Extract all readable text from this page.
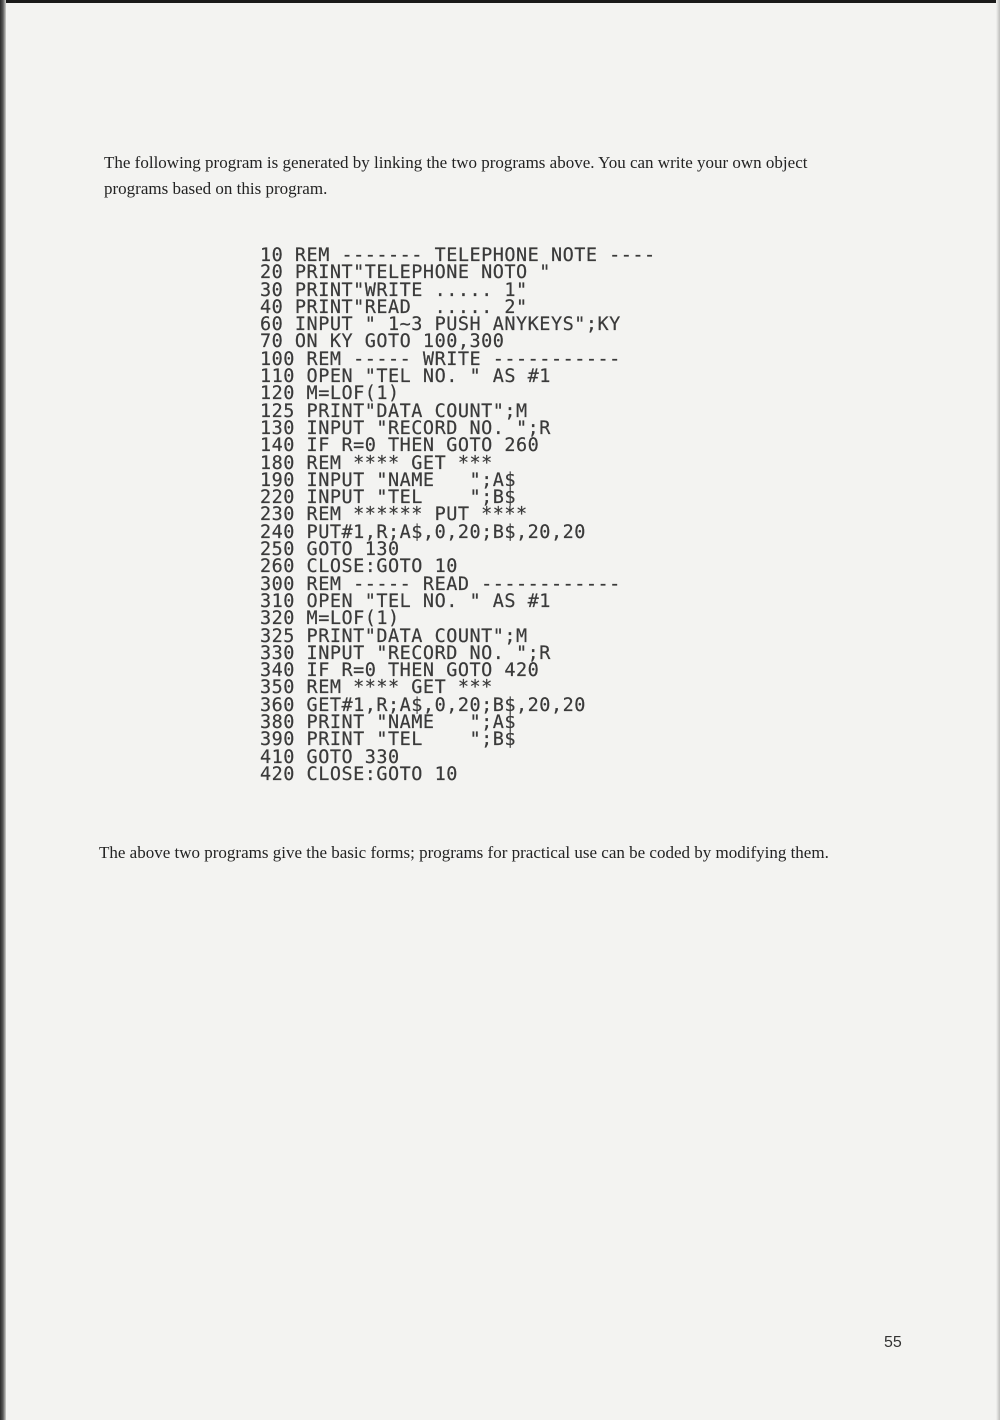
The following program is generated by linking the two programs above. You can write your own object programs based on this program.

10 REM ------- TELEPHONE NOTE ----
20 PRINT"TELEPHONE NOTO "
30 PRINT"WRITE ..... 1"
40 PRINT"READ  ..... 2"
60 INPUT " 1~3 PUSH ANYKEYS";KY
70 ON KY GOTO 100,300
100 REM ----- WRITE -----------
110 OPEN "TEL NO. " AS #1
120 M=LOF(1)
125 PRINT"DATA COUNT";M
130 INPUT "RECORD NO. ";R
140 IF R=0 THEN GOTO 260
180 REM **** GET ***
190 INPUT "NAME   ";A$
220 INPUT "TEL    ";B$
230 REM ****** PUT ****
240 PUT#1,R;A$,0,20;B$,20,20
250 GOTO 130
260 CLOSE:GOTO 10
300 REM ----- READ ------------
310 OPEN "TEL NO. " AS #1
320 M=LOF(1)
325 PRINT"DATA COUNT";M
330 INPUT "RECORD NO. ";R
340 IF R=0 THEN GOTO 420
350 REM **** GET ***
360 GET#1,R;A$,0,20;B$,20,20
380 PRINT "NAME   ";A$
390 PRINT "TEL    ";B$
410 GOTO 330
420 CLOSE:GOTO 10

The above two programs give the basic forms; programs for practical use can be coded by modifying them.

55
